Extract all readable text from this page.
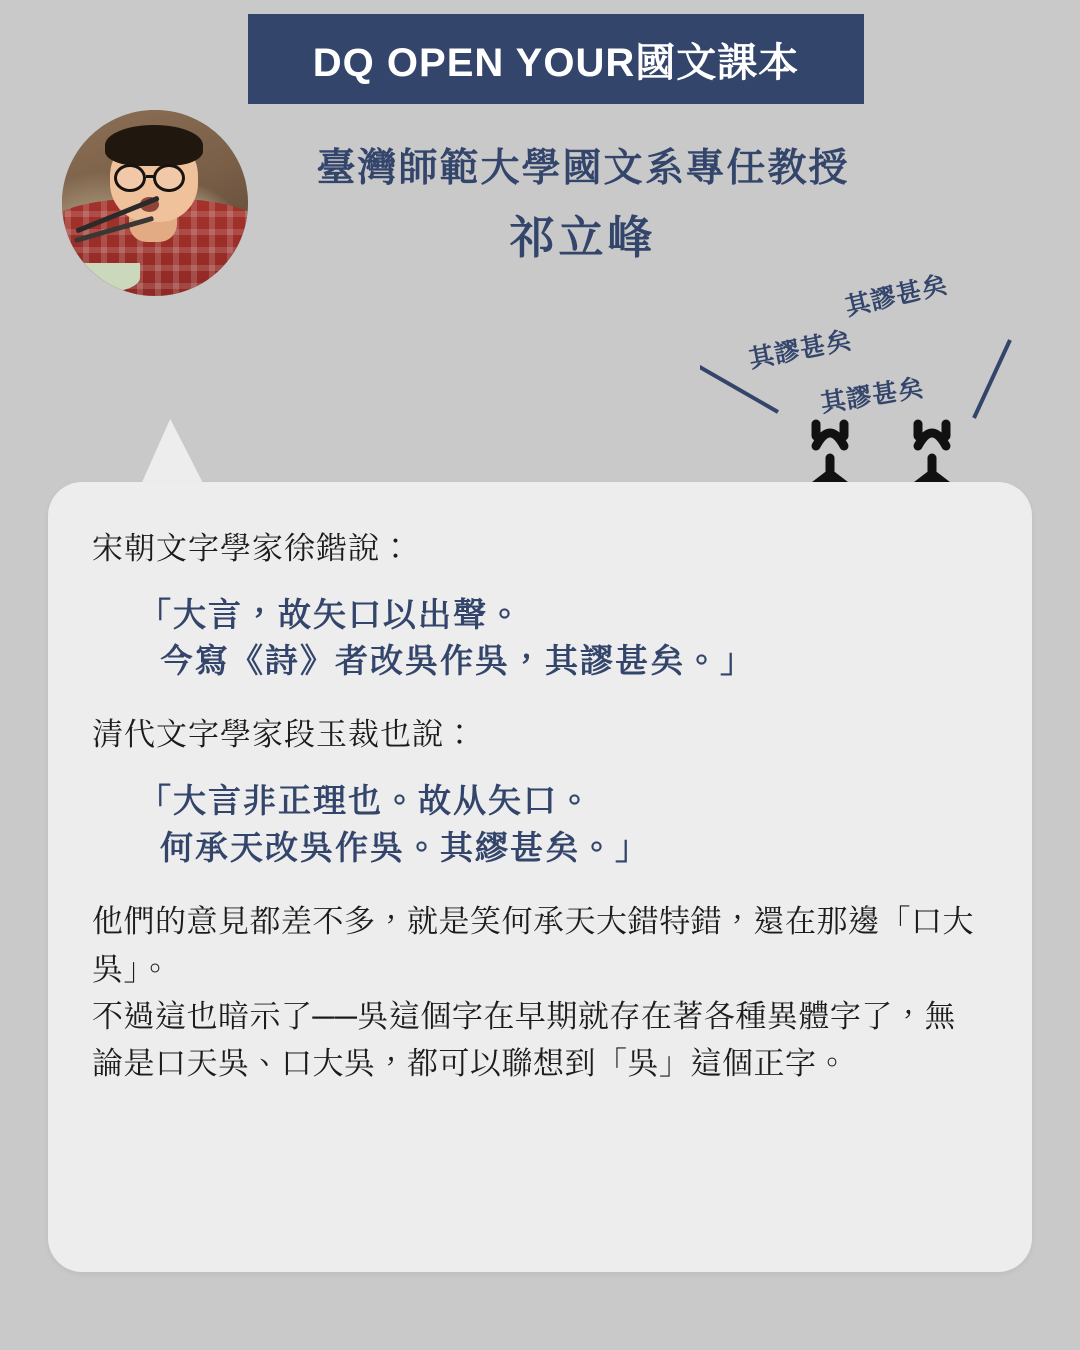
DQ OPEN YOUR國文課本
臺灣師範大學國文系專任教授
祁立峰
其謬甚矣
其謬甚矣
其謬甚矣

宋朝文字學家徐鍇說：

「大言，故矢口以出聲。
今寫《詩》者改吳作吳，其謬甚矣。」

清代文字學家段玉裁也說：

「大言非正理也。故从矢口。
何承天改吳作吳。其繆甚矣。」

他們的意見都差不多，就是笑何承天大錯特錯，還在那邊「口大吳」。

不過這也暗示了──吳這個字在早期就存在著各種異體字了，無論是口天吳、口大吳，都可以聯想到「吳」這個正字。
